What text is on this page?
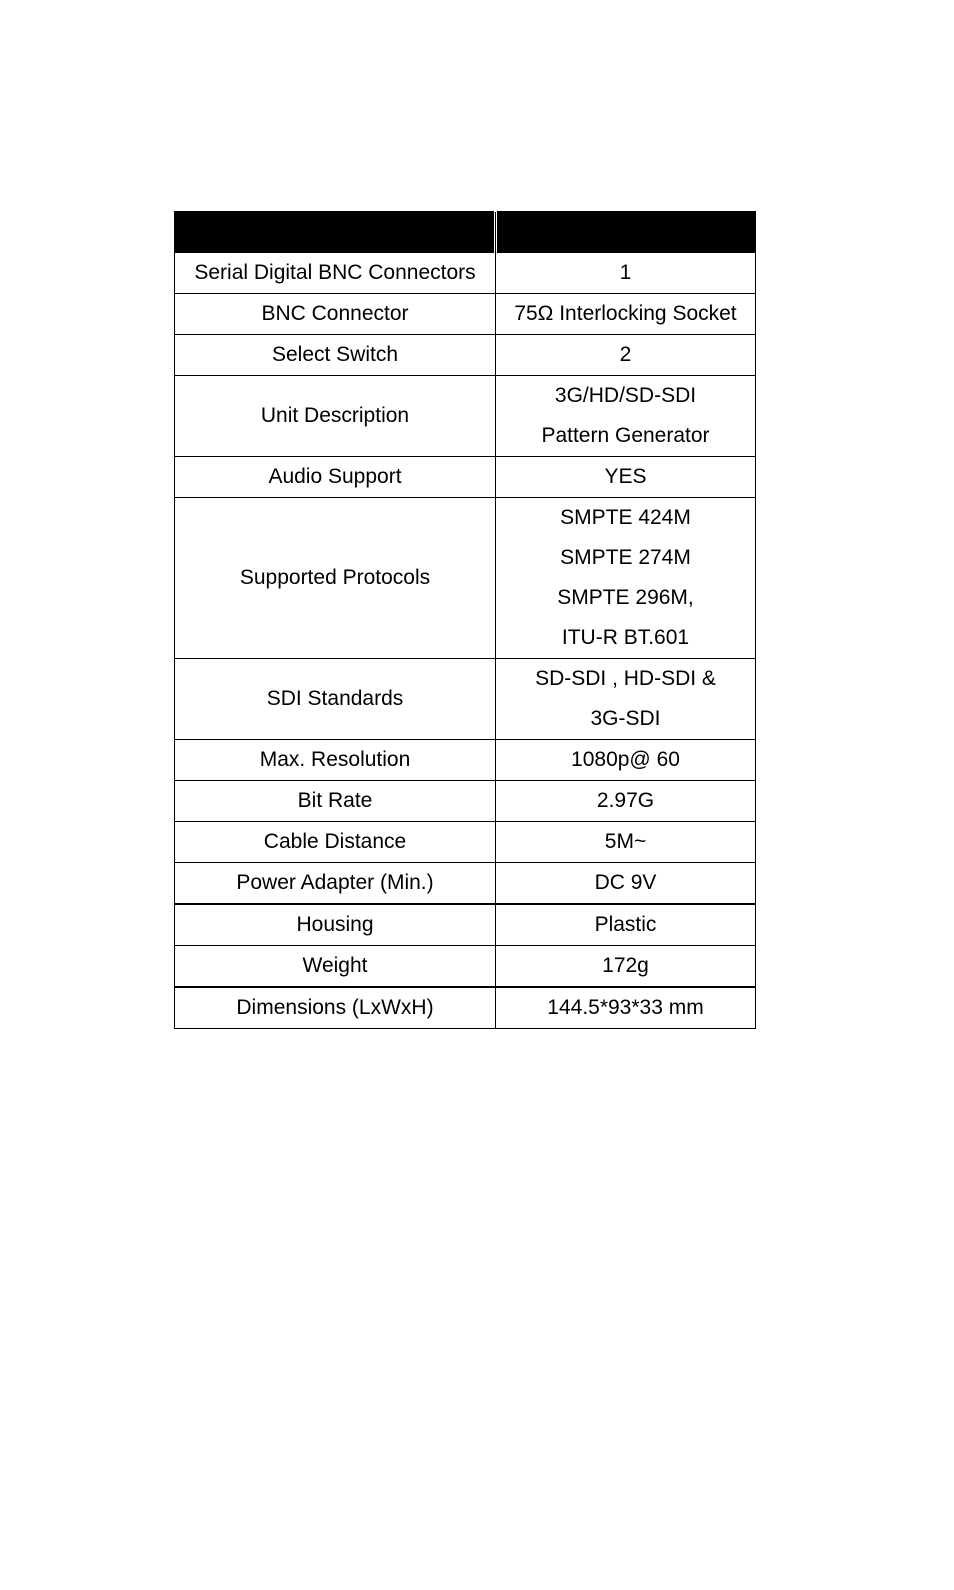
Serial Digital BNC Connectors	1

BNC Connector	75Ω Interlocking Socket

Select Switch	2

Unit Description	3G/HD/SD-SDI
Pattern Generator

Audio Support	YES

Supported Protocols	SMPTE 424M
SMPTE 274M
SMPTE 296M,
ITU-R BT.601

SDI Standards	SD-SDI , HD-SDI &
3G-SDI

Max. Resolution	1080p@ 60

Bit Rate	2.97G

Cable Distance	5M~

Power Adapter (Min.)	DC 9V

Housing	Plastic

Weight	172g

Dimensions (LxWxH)	144.5*93*33 mm
